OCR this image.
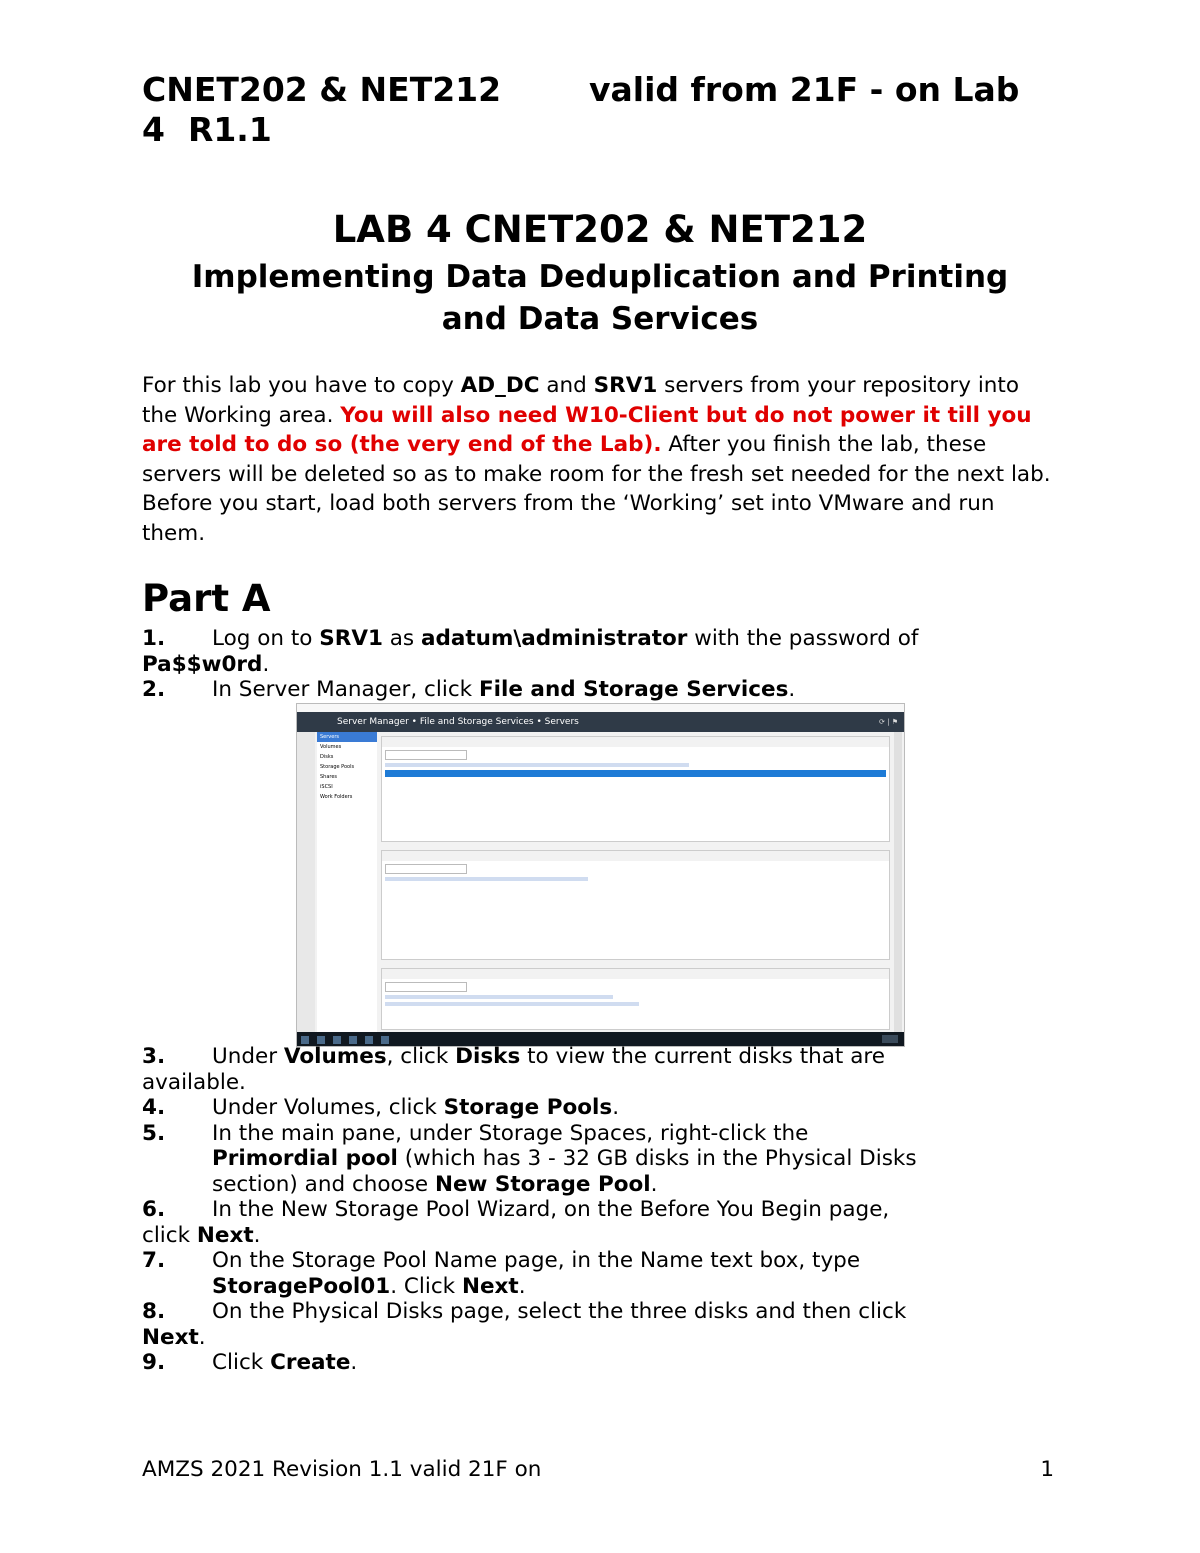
CNET202 & NET212	valid from 21F - on Lab
4  R1.1
LAB 4 CNET202 & NET212
Implementing Data Deduplication and Printing
and Data Services

For this lab you have to copy AD_DC and SRV1 servers from your repository into the Working area. You will also need W10-Client but do not power it till you are told to do so (the very end of the Lab). After you finish the lab, these servers will be deleted so as to make room for the fresh set needed for the next lab.

Before you start, load both servers from the ‘Working’ set into VMware and run them.

Part A
1. Log on to SRV1 as adatum\administrator with the password of
Pa$$w0rd.
2. In Server Manager, click File and Storage Services.
Server Manager • File and Storage Services • Servers	⟳ | ⚑
Servers
Volumes
Disks
Storage Pools
Shares
iSCSI
Work Folders

3. Under Volumes, click Disks to view the current disks that are
available.
4. Under Volumes, click Storage Pools.
5. In the main pane, under Storage Spaces, right-click the
Primordial pool (which has 3 - 32 GB disks in the Physical Disks
section) and choose New Storage Pool.
6. In the New Storage Pool Wizard, on the Before You Begin page,
click Next.
7. On the Storage Pool Name page, in the Name text box, type
StoragePool01. Click Next.
8. On the Physical Disks page, select the three disks and then click
Next.
9. Click Create.
AMZS 2021 Revision 1.1 valid 21F on	1
